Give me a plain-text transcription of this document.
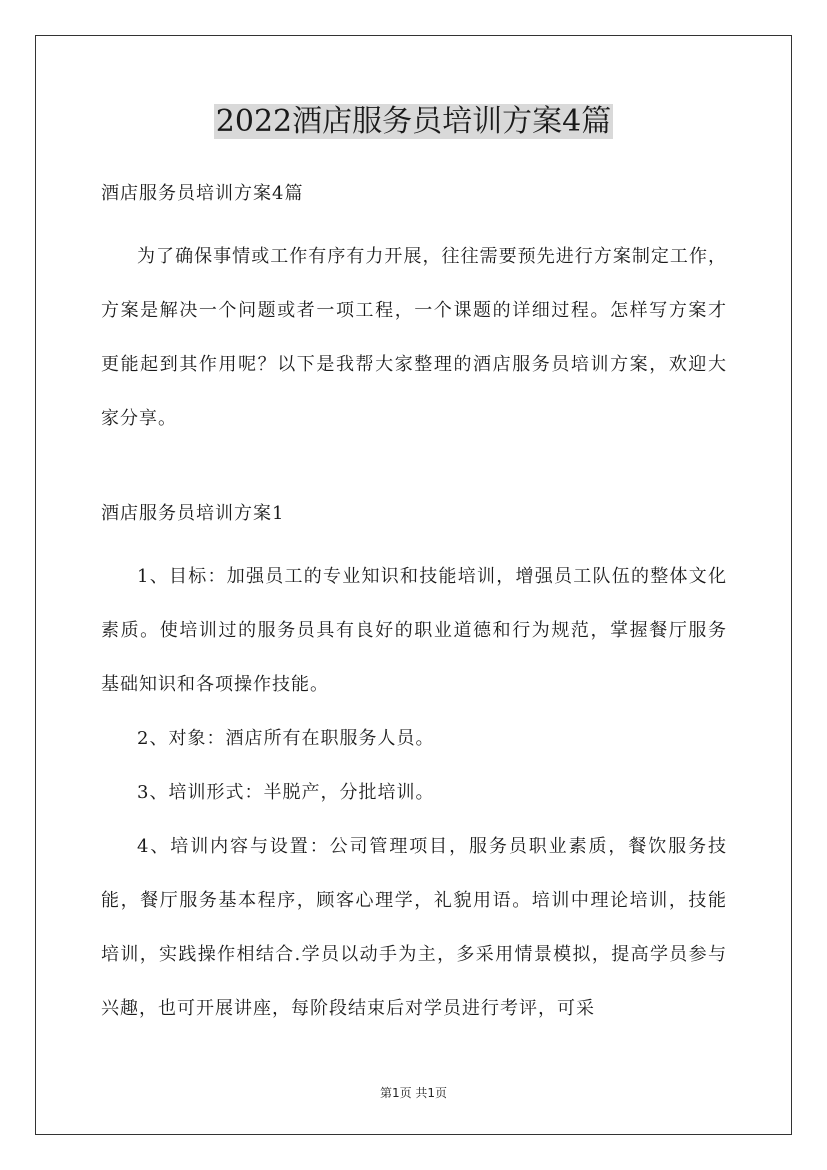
2022酒店服务员培训方案4篇

酒店服务员培训方案4篇

为了确保事情或工作有序有力开展，往往需要预先进行方案制定工作，方案是解决一个问题或者一项工程，一个课题的详细过程。怎样写方案才更能起到其作用呢？以下是我帮大家整理的酒店服务员培训方案，欢迎大家分享。

酒店服务员培训方案1

1、目标：加强员工的专业知识和技能培训，增强员工队伍的整体文化素质。使培训过的服务员具有良好的职业道德和行为规范，掌握餐厅服务基础知识和各项操作技能。

2、对象：酒店所有在职服务人员。

3、培训形式：半脱产，分批培训。

4、培训内容与设置：公司管理项目，服务员职业素质，餐饮服务技能，餐厅服务基本程序，顾客心理学，礼貌用语。培训中理论培训，技能培训，实践操作相结合.学员以动手为主，多采用情景模拟，提高学员参与兴趣，也可开展讲座，每阶段结束后对学员进行考评，可采

第1页 共1页
